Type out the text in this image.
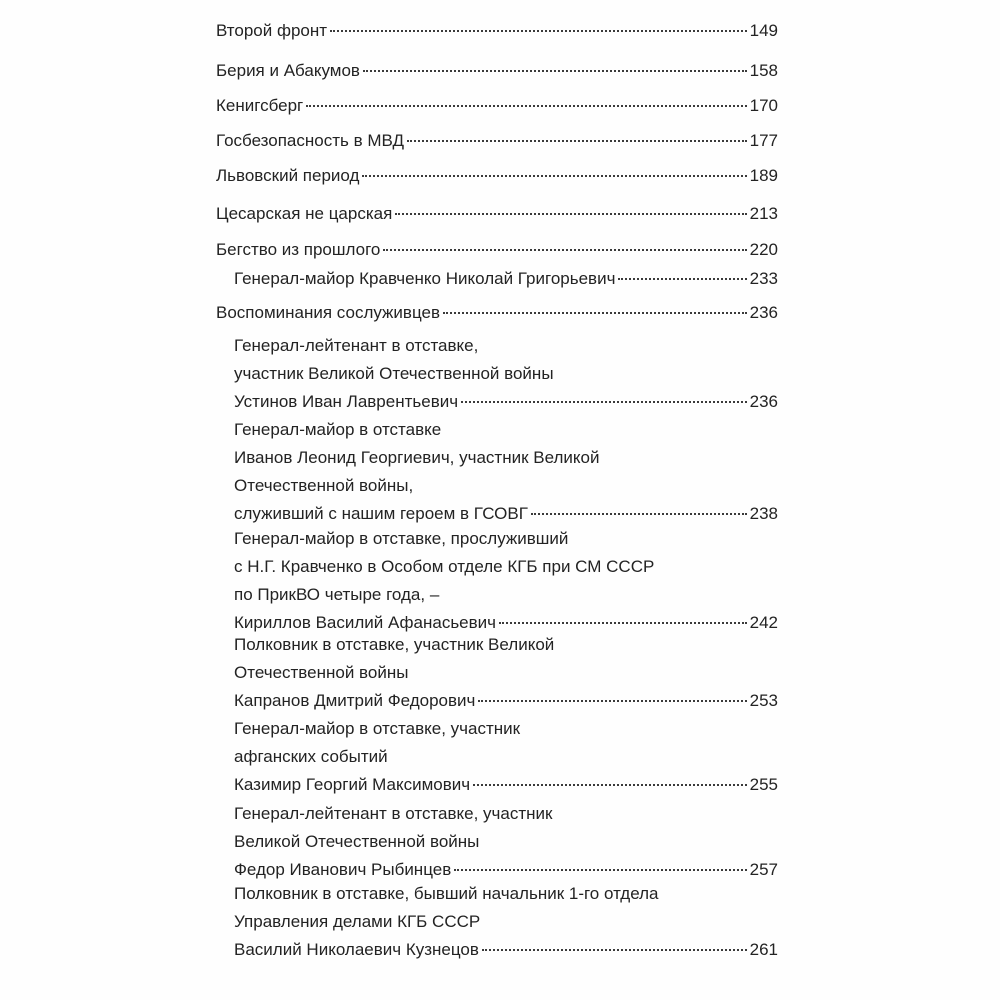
Второй фронт	149
Берия и Абакумов	158
Кенигсберг	170
Госбезопасность в МВД	177
Львовский период	189
Цесарская не царская	213
Бегство из прошлого	220
Генерал-майор Кравченко Николай Григорьевич	233
Воспоминания сослуживцев	236
Генерал-лейтенант в отставке,
участник Великой Отечественной войны
Устинов Иван Лаврентьевич	236
Генерал-майор в отставке
Иванов Леонид Георгиевич, участник Великой
Отечественной войны,
служивший с нашим героем в ГСОВГ	238
Генерал-майор в отставке, прослуживший
с Н.Г. Кравченко в Особом отделе КГБ при СМ СССР
по ПрикВО четыре года, –
Кириллов Василий Афанасьевич	242
Полковник в отставке, участник Великой
Отечественной войны
Капранов Дмитрий Федорович	253
Генерал-майор в отставке, участник
афганских событий
Казимир Георгий Максимович	255
Генерал-лейтенант в отставке, участник
Великой Отечественной войны
Федор Иванович Рыбинцев	257
Полковник в отставке, бывший начальник 1-го отдела
Управления делами КГБ СССР
Василий Николаевич Кузнецов	261
